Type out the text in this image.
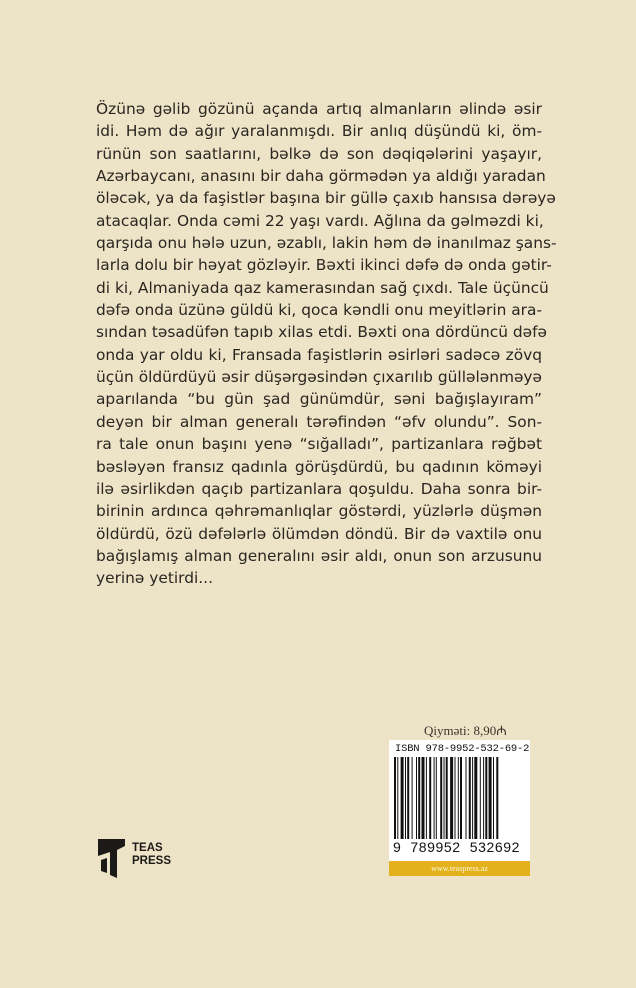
Özünə gəlib gözünü açanda artıq almanların əlində əsir
idi. Həm də ağır yaralanmışdı. Bir anlıq düşündü ki, öm-
rünün son saatlarını, bəlkə də son dəqiqələrini yaşayır,
Azərbaycanı, anasını bir daha görmədən ya aldığı yaradan
öləcək, ya da faşistlər başına bir güllə çaxıb hansısa dərəyə
atacaqlar. Onda cəmi 22 yaşı vardı. Ağlına da gəlməzdi ki,
qarşıda onu hələ uzun, əzablı, lakin həm də inanılmaz şans-
larla dolu bir həyat gözləyir. Bəxti ikinci dəfə də onda gətir-
di ki, Almaniyada qaz kamerasından sağ çıxdı. Tale üçüncü
dəfə onda üzünə güldü ki, qoca kəndli onu meyitlərin ara-
sından təsadüfən tapıb xilas etdi. Bəxti ona dördüncü dəfə
onda yar oldu ki, Fransada faşistlərin əsirləri sadəcə zövq
üçün öldürdüyü əsir düşərgəsindən çıxarılıb güllələnməyə
aparılanda “bu gün şad günümdür, səni bağışlayıram”
deyən bir alman generalı tərəfindən “əfv olundu”. Son-
ra tale onun başını yenə “sığalladı”, partizanlara rəğbət
bəsləyən fransız qadınla görüşdürdü, bu qadının köməyi
ilə əsirlikdən qaçıb partizanlara qoşuldu. Daha sonra bir-
birinin ardınca qəhrəmanlıqlar göstərdi, yüzlərlə düşmən
öldürdü, özü dəfələrlə ölümdən döndü. Bir də vaxtilə onu
bağışlamış alman generalını əsir aldı, onun son arzusunu
yerinə yetirdi...

Qiyməti: 8,90₼
ISBN 978-9952-532-69-2
9 789952 532692
www.teaspress.az
TEAS
PRESS
